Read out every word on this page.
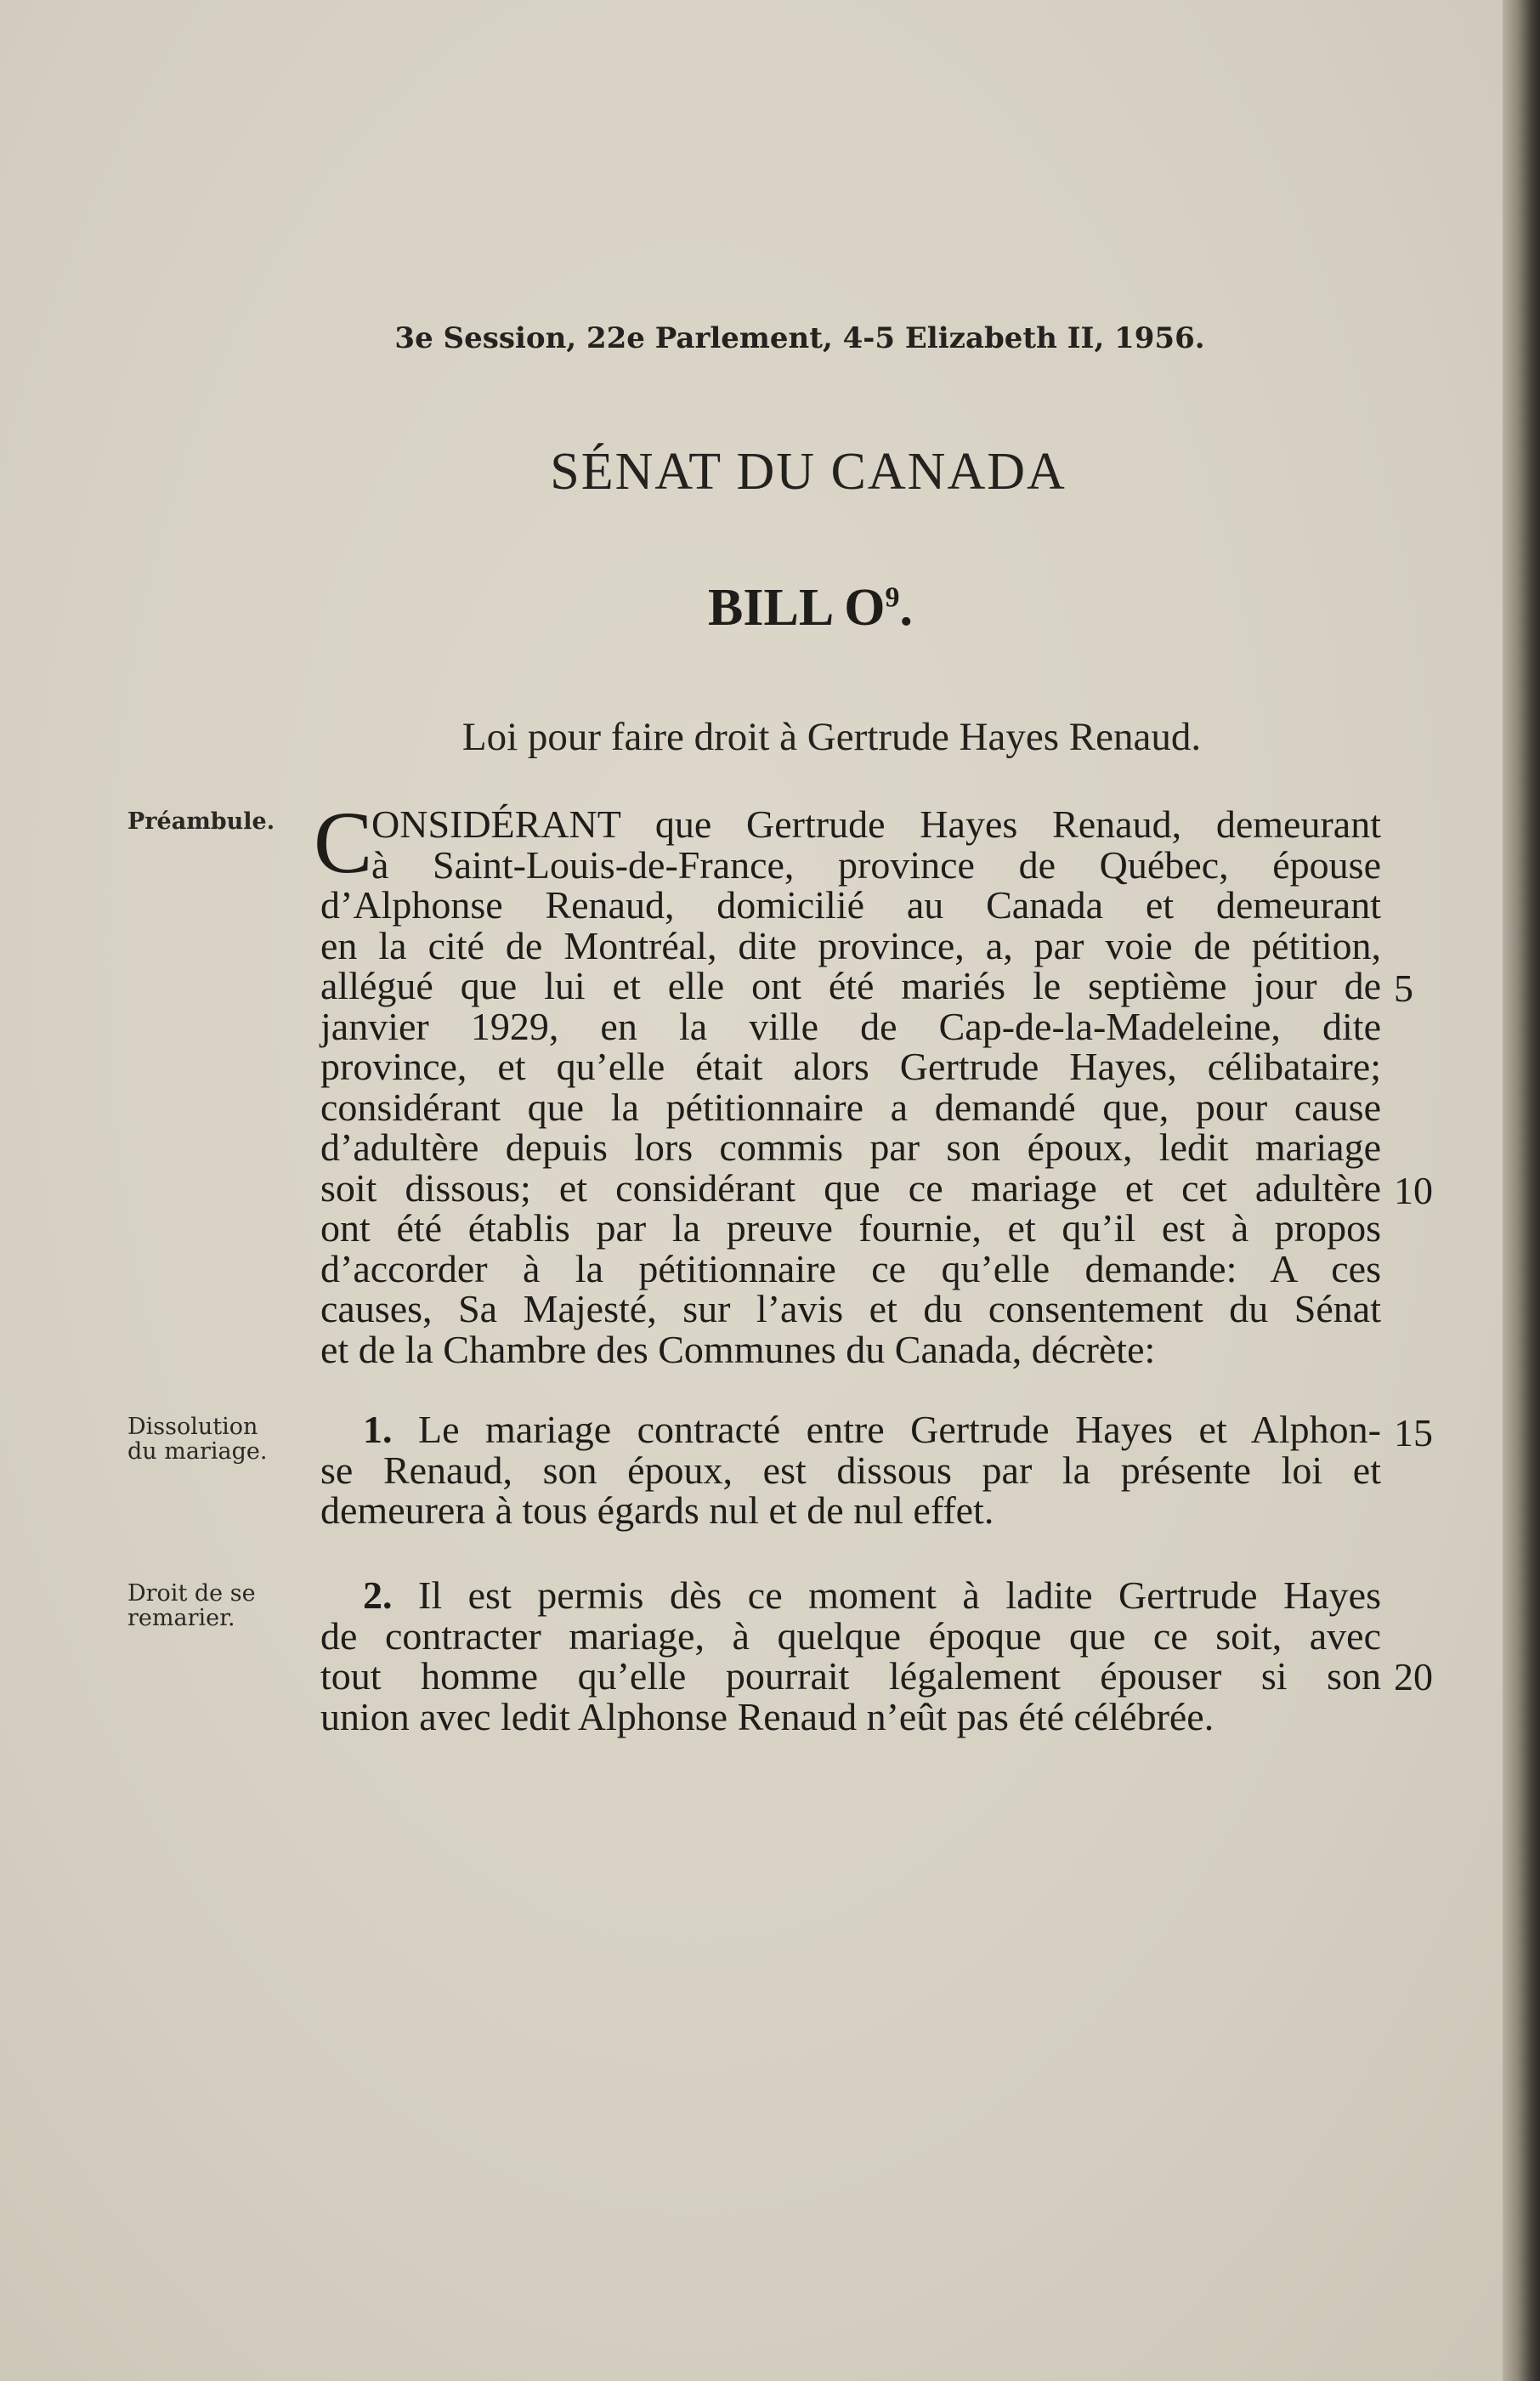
3e Session, 22e Parlement, 4-5 Elizabeth II, 1956.
SÉNAT DU CANADA
BILL $O^9$.
Loi pour faire droit à Gertrude Hayes Renaud.
Préambule.
Dissolution
du mariage.
Droit de se
remarier.
C
ONSIDÉRANT que Gertrude Hayes Renaud, demeurant
à Saint-Louis-de-France, province de Québec, épouse
d’Alphonse Renaud, domicilié au Canada et demeurant
en la cité de Montréal, dite province, a, par voie de pétition,
allégué que lui et elle ont été mariés le septième jour de
janvier 1929, en la ville de Cap-de-la-Madeleine, dite
province, et qu’elle était alors Gertrude Hayes, célibataire;
considérant que la pétitionnaire a demandé que, pour cause
d’adultère depuis lors commis par son époux, ledit mariage
soit dissous; et considérant que ce mariage et cet adultère
ont été établis par la preuve fournie, et qu’il est à propos
d’accorder à la pétitionnaire ce qu’elle demande: A ces
causes, Sa Majesté, sur l’avis et du consentement du Sénat
et de la Chambre des Communes du Canada, décrète:
1. Le mariage contracté entre Gertrude Hayes et Alphon-
se Renaud, son époux, est dissous par la présente loi et
demeurera à tous égards nul et de nul effet.
2. Il est permis dès ce moment à ladite Gertrude Hayes
de contracter mariage, à quelque époque que ce soit, avec
tout homme qu’elle pourrait légalement épouser si son
union avec ledit Alphonse Renaud n’eût pas été célébrée.
5
10
15
20
